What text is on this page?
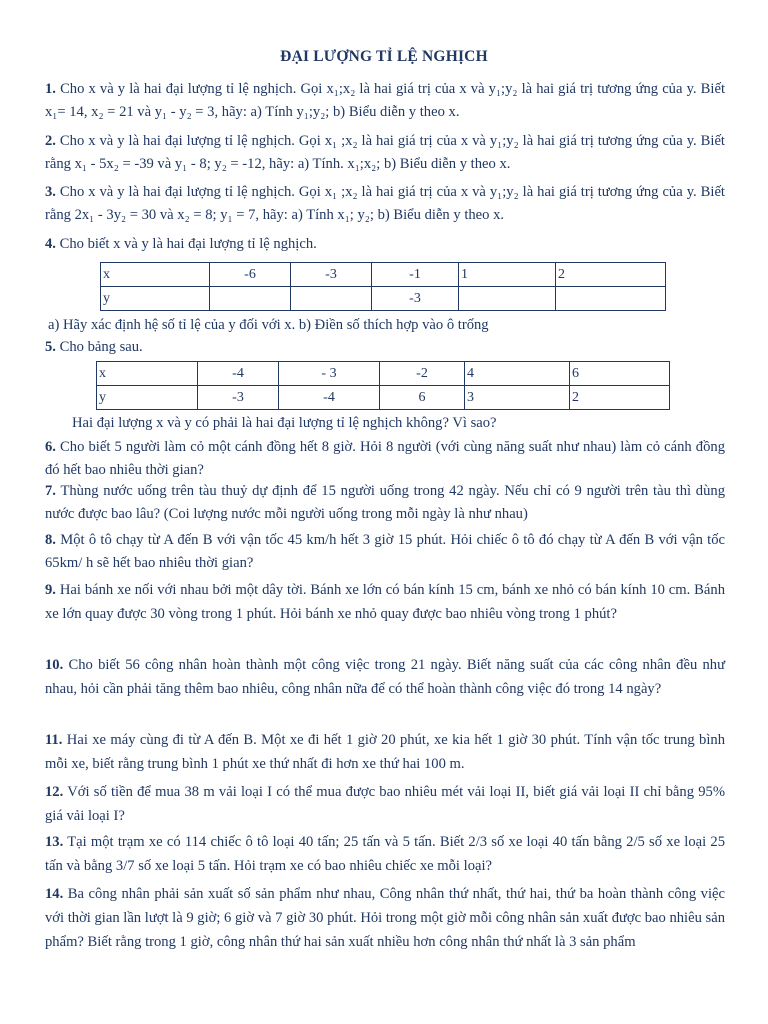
ĐẠI LƯỢNG TỈ LỆ NGHỊCH
1. Cho x và y là hai đại lượng tỉ lệ nghịch. Gọi x₁;x₂ là hai giá trị của x và y₁;y₂ là hai giá trị tương ứng của y. Biết x₁= 14, x₂ = 21 và y₁ - y₂ = 3, hãy: a) Tính y₁;y₂; b) Biểu diễn y theo x.
2. Cho x và y là hai đại lượng tỉ lệ nghịch. Gọi x₁ ;x₂ là hai giá trị của x và y₁;y₂ là hai giá trị tương ứng của y. Biết rằng x₁ - 5x₂ = -39 và y₁ - 8; y₂ = -12, hãy: a) Tính. x₁;x₂; b) Biểu diễn y theo x.
3. Cho x và y là hai đại lượng tỉ lệ nghịch. Gọi x₁ ;x₂ là hai giá trị của x và y₁;y₂ là hai giá trị tương ứng của y. Biết rằng 2x₁ - 3y₂ = 30 và x₂ = 8; y₁ = 7, hãy: a) Tính x₁; y₂; b) Biểu diễn y theo x.
4. Cho biết x và y là hai đại lượng tỉ lệ nghịch.
x	-6	-3	-1	1	2
y			-3		
a) Hãy xác định hệ số tỉ lệ của y đối với x. b) Điền số thích hợp vào ô trống
5. Cho bảng sau.
x	-4	- 3	-2	4	6
y	-3	-4	6	3	2
Hai đại lượng x và y có phải là hai đại lượng tỉ lệ nghịch không? Vì sao?
6. Cho biết 5 người làm cỏ một cánh đồng hết 8 giờ. Hỏi 8 người (với cùng năng suất như nhau) làm cỏ cánh đồng đó hết bao nhiêu thời gian?
7. Thùng nước uống trên tàu thuỷ dự định để 15 người uống trong 42 ngày. Nếu chỉ có 9 người trên tàu thì dùng nước được bao lâu? (Coi lượng nước mỗi người uống trong mỗi ngày là như nhau)
8. Một ô tô chạy từ A đến B với vận tốc 45 km/h hết 3 giờ 15 phút. Hỏi chiếc ô tô đó chạy từ A đến B với vận tốc 65km/ h sẽ hết bao nhiêu thời gian?
9. Hai bánh xe nối với nhau bởi một dây tời. Bánh xe lớn có bán kính 15 cm, bánh xe nhỏ có bán kính 10 cm. Bánh xe lớn quay được 30 vòng trong 1 phút. Hỏi bánh xe nhỏ quay được bao nhiêu vòng trong 1 phút?
10. Cho biết 56 công nhân hoàn thành một công việc trong 21 ngày. Biết năng suất của các công nhân đều như nhau, hỏi cần phải tăng thêm bao nhiêu, công nhân nữa để có thể hoàn thành công việc đó trong 14 ngày?
11. Hai xe máy cùng đi từ A đến B. Một xe đi hết 1 giờ 20 phút, xe kia hết 1 giờ 30 phút. Tính vận tốc trung bình mỗi xe, biết rằng trung bình 1 phút xe thứ nhất đi hơn xe thứ hai 100 m.
12. Với số tiền để mua 38 m vải loại I có thể mua được bao nhiêu mét vải loại II, biết giá vải loại II chỉ bằng 95% giá vải loại I?
13. Tại một trạm xe có 114 chiếc ô tô loại 40 tấn; 25 tấn và 5 tấn. Biết 2/3 số xe loại 40 tấn bằng 2/5 số xe loại 25 tấn và bằng 3/7 số xe loại 5 tấn. Hỏi trạm xe có bao nhiêu chiếc xe mỗi loại?
14. Ba công nhân phải sản xuất số sản phẩm như nhau, Công nhân thứ nhất, thứ hai, thứ ba hoàn thành công việc với thời gian lần lượt là 9 giờ; 6 giờ và 7 giờ 30 phút. Hỏi trong một giờ mỗi công nhân sản xuất được bao nhiêu sản phẩm? Biết rằng trong 1 giờ, công nhân thứ hai sản xuất nhiều hơn công nhân thứ nhất là 3 sản phẩm
